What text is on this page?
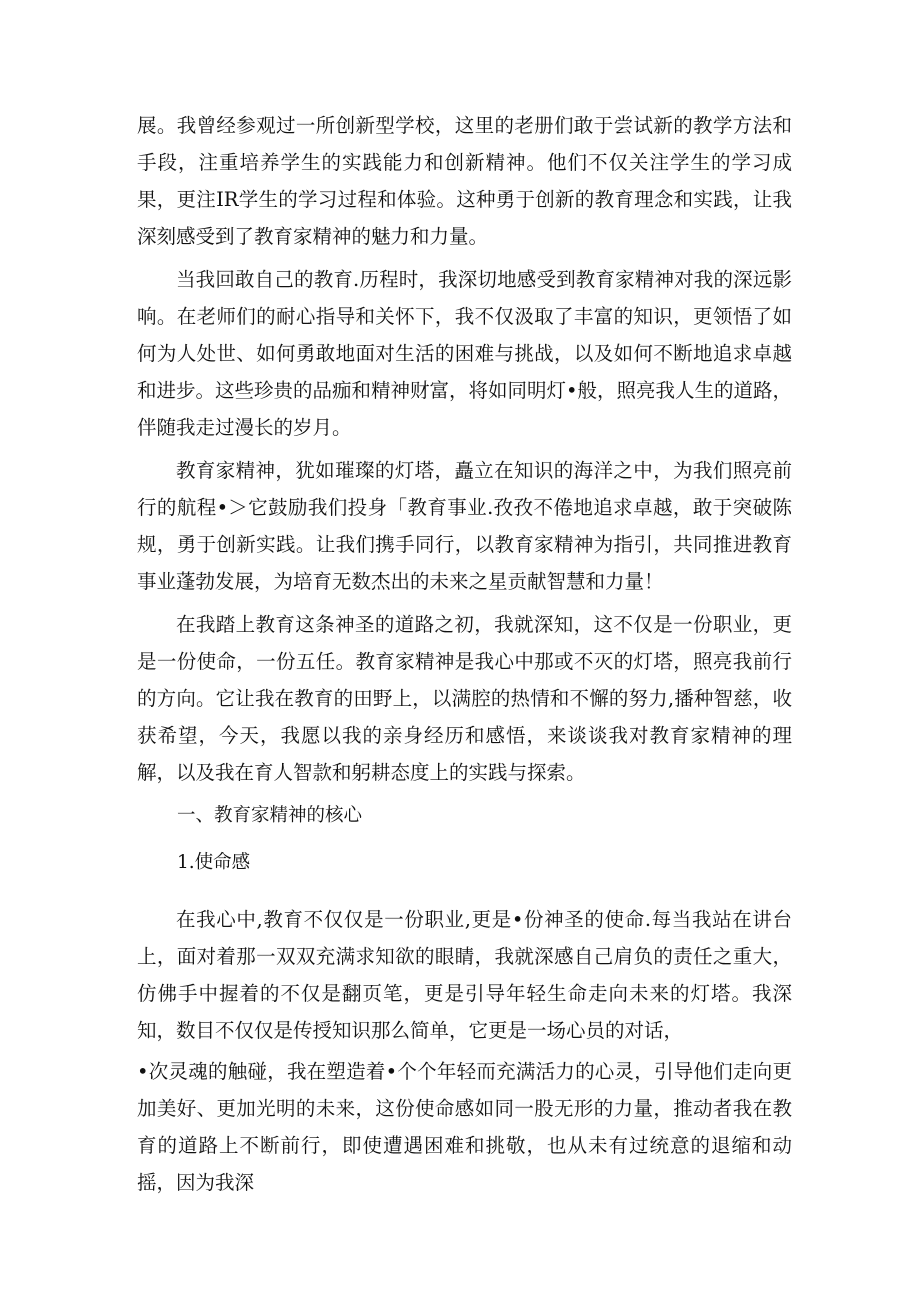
展。我曾经参观过一所创新型学校，这里的老册们敢于尝试新的教学方法和手段，注重培养学生的实践能力和创新精神。他们不仅关注学生的学习成果，更注IR学生的学习过程和体验。这种勇于创新的教育理念和实践，让我深刻感受到了教育家精神的魅力和力量。

当我回敢自己的教育.历程时，我深切地感受到教育家精神对我的深远影响。在老师们的耐心指导和关怀下，我不仅汲取了丰富的知识，更领悟了如何为人处世、如何勇敢地面对生活的困难与挑战，以及如何不断地追求卓越和进步。这些珍贵的品痂和精神财富，将如同明灯•般，照亮我人生的道路，伴随我走过漫长的岁月。

教育家精神，犹如璀璨的灯塔，矗立在知识的海洋之中，为我们照亮前行的航程•＞它鼓励我们投身「教育事业.孜孜不倦地追求卓越，敢于突破陈规，勇于创新实践。让我们携手同行，以教育家精神为指引，共同推进教育事业蓬勃发展，为培育无数杰出的未来之星贡献智慧和力量！

在我踏上教育这条神圣的道路之初，我就深知，这不仅是一份职业，更是一份使命，一份五任。教育家精神是我心中那或不灭的灯塔，照亮我前行的方向。它让我在教育的田野上，以满腔的热情和不懈的努力,播种智慈，收获希望，今天，我愿以我的亲身经历和感悟，来谈谈我对教育家精神的理解，以及我在育人智款和躬耕态度上的实践与探索。

一、教育家精神的核心
1.使命感

在我心中,教育不仅仅是一份职业,更是•份神圣的使命.每当我站在讲台上，面对着那一双双充满求知欲的眼睛，我就深感自己肩负的责任之重大，仿佛手中握着的不仅是翻页笔，更是引导年轻生命走向未来的灯塔。我深知，数目不仅仅是传授知识那么简单，它更是一场心员的对话，

•次灵魂的触碰，我在塑造着•个个年轻而充满活力的心灵，引导他们走向更加美好、更加光明的未来，这份使命感如同一股无形的力量，推动者我在教育的道路上不断前行，即使遭遇困难和挑敬，也从未有过统意的退缩和动摇，因为我深
